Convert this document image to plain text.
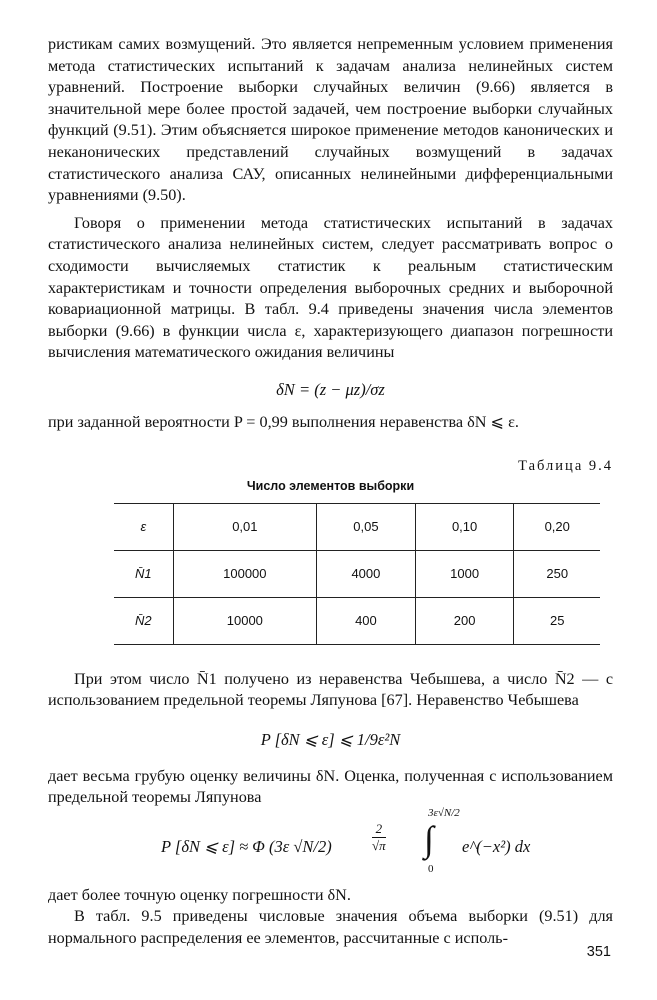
ристикам самих возмущений. Это является непременным условием применения метода статистических испытаний к задачам анализа нелинейных систем уравнений. Построение выборки случайных величин (9.66) является в значительной мере более простой задачей, чем построение выборки случайных функций (9.51). Этим объясняется широкое применение методов канонических и неканонических представлений случайных возмущений в задачах статистического анализа САУ, описанных нелинейными дифференциальными уравнениями (9.50).

Говоря о применении метода статистических испытаний в задачах статистического анализа нелинейных систем, следует рассматривать вопрос о сходимости вычисляемых статистик к реальным статистическим характеристикам и точности определения выборочных средних и выборочной ковариационной матрицы. В табл. 9.4 приведены значения числа элементов выборки (9.66) в функции числа ε, характеризующего диапазон погрешности вычисления математического ожидания величины

δN = (z − μz)/σz

при заданной вероятности P = 0,99 выполнения неравенства δN ⩽ ε.

Таблица 9.4
Число элементов выборки
ε	0,01	0,05	0,10	0,20
N̄1	100000	4000	1000	250
N̄2	10000	400	200	25

При этом число N̄1 получено из неравенства Чебышева, а число N̄2 — с использованием предельной теоремы Ляпунова [67]. Неравенство Чебышева

P [δN ⩽ ε] ⩽ 1/9ε²N

дает весьма грубую оценку величины δN. Оценка, полученная с использованием предельной теоремы Ляпунова

P [δN ⩽ ε] ≈ Φ (3ε √N/2)	$\frac{2}{√\pi}$
3ε√N/2
∫
0
e^(−x²) dx

дает более точную оценку погрешности δN.

В табл. 9.5 приведены числовые значения объема выборки (9.51) для нормального распределения ее элементов, рассчитанные с исполь-

351
